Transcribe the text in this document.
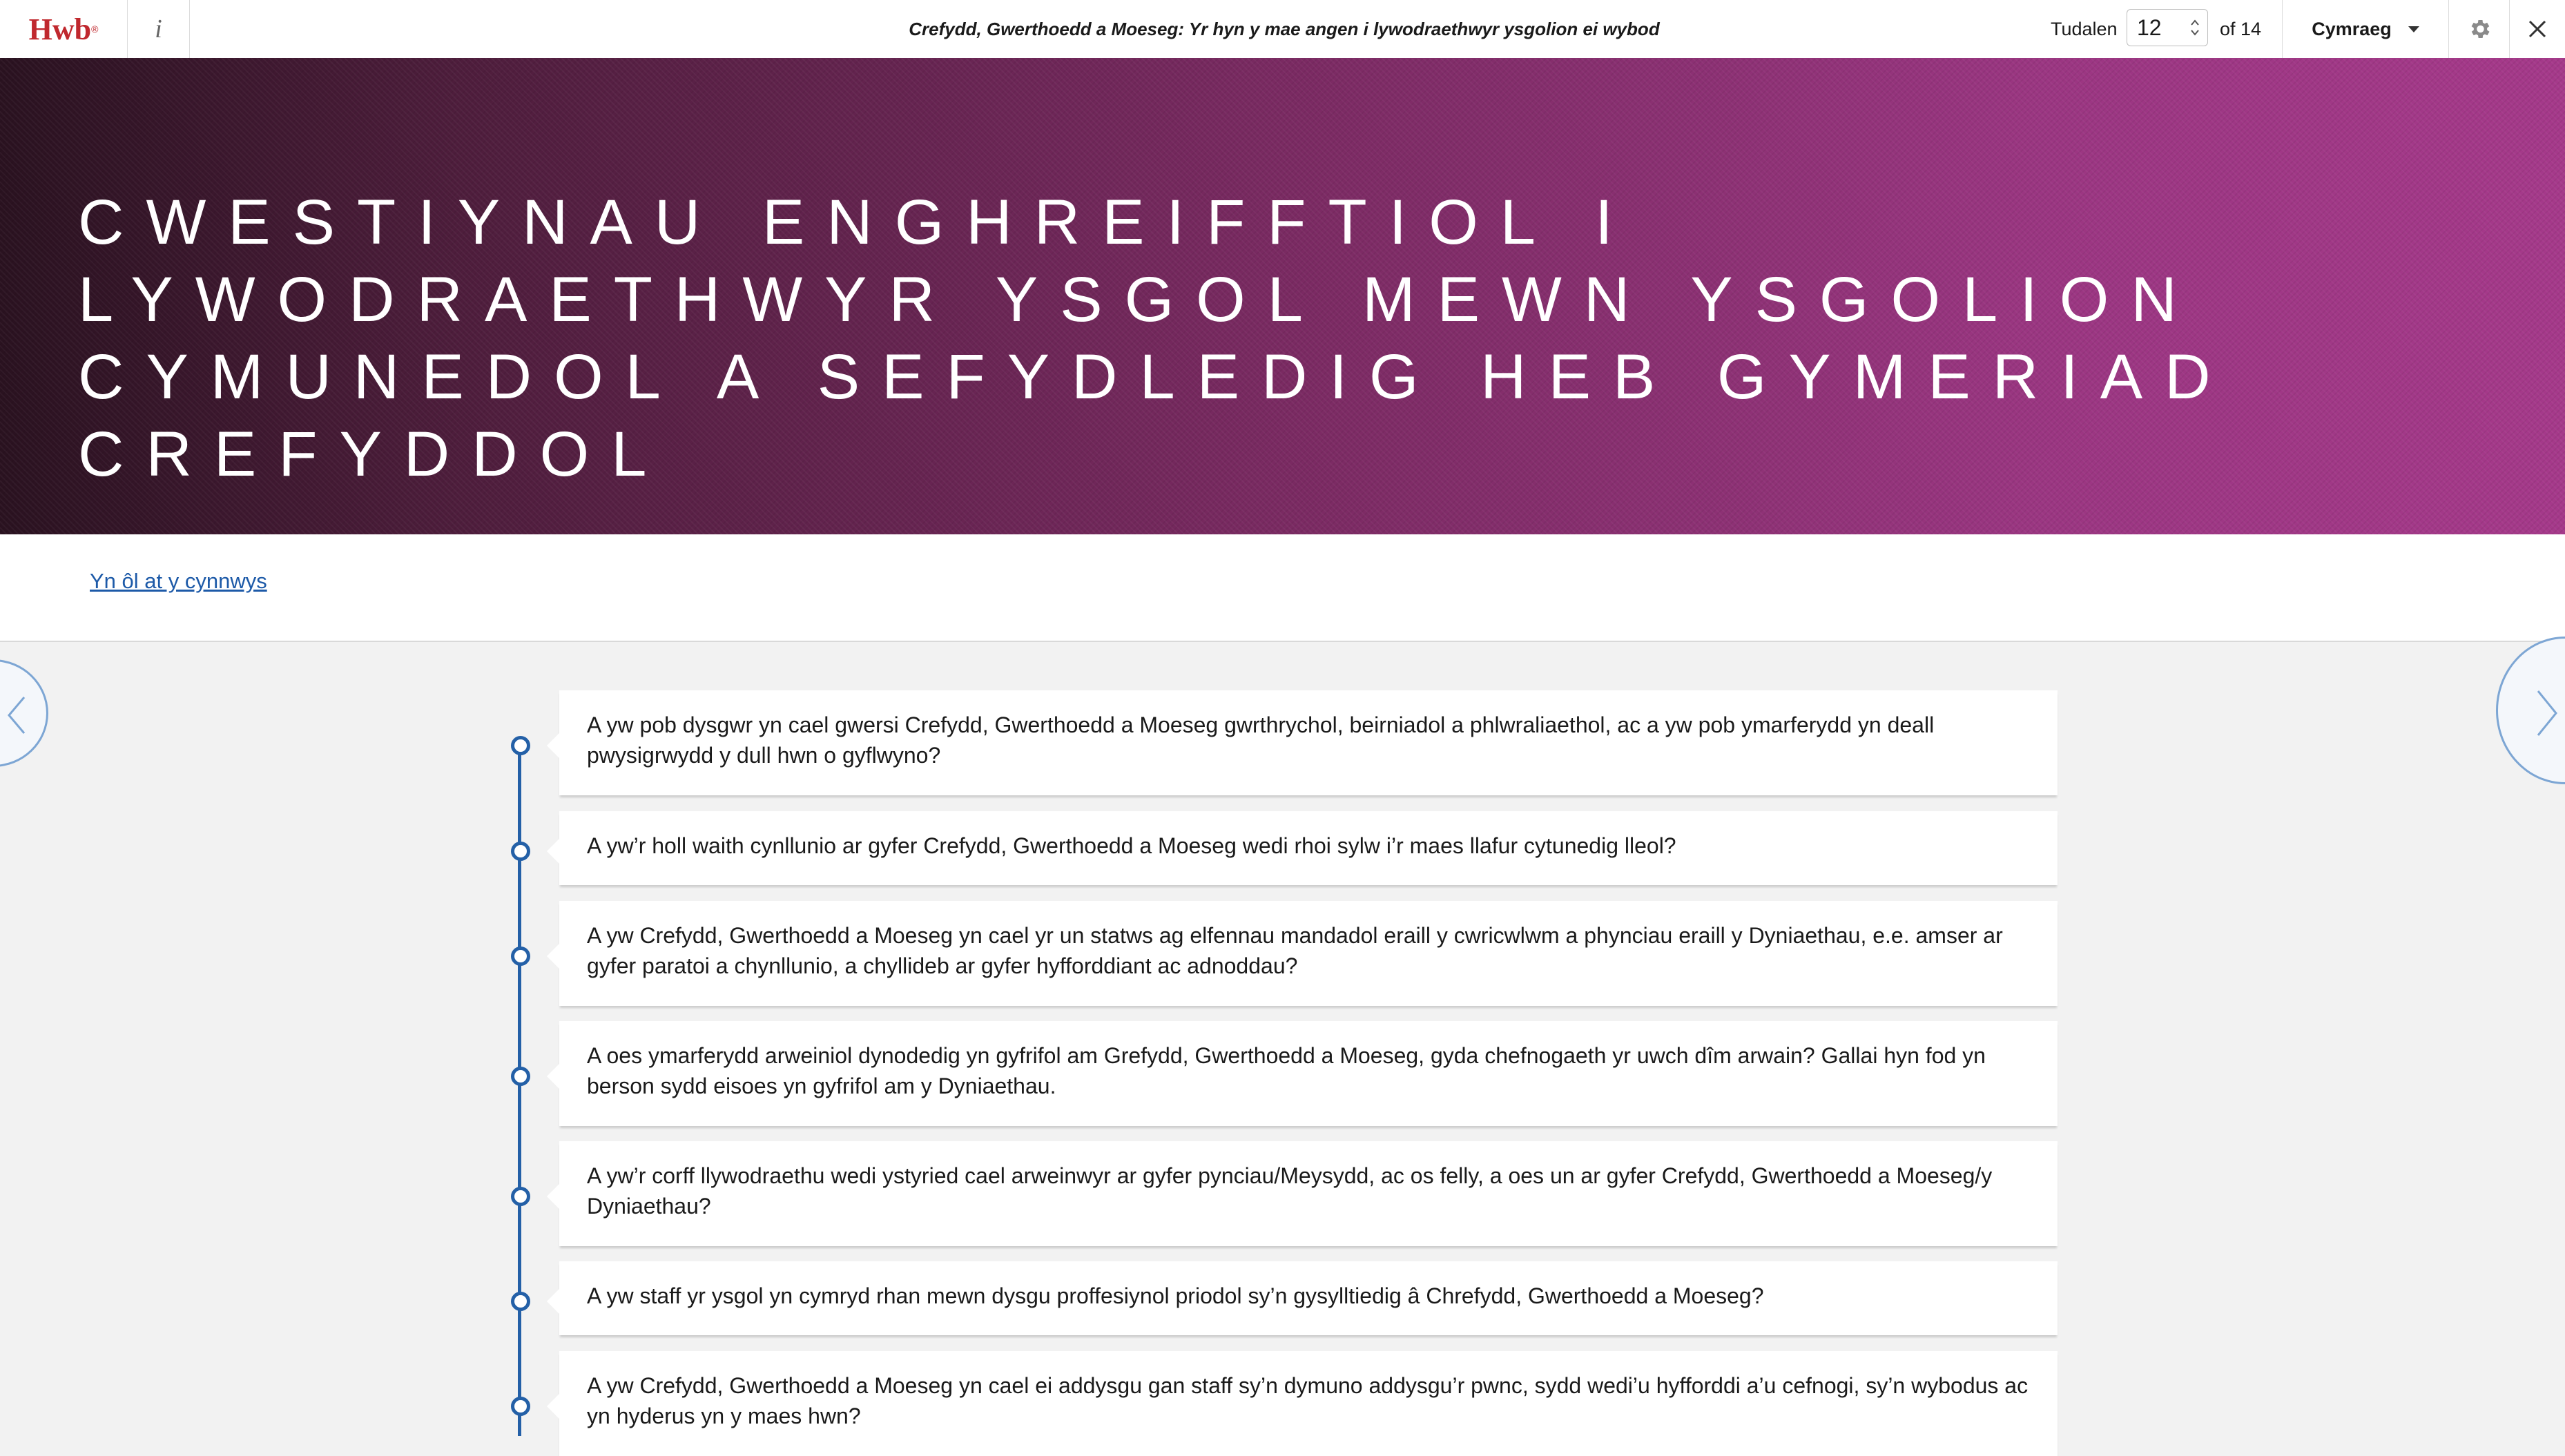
Hwb ® i	Crefydd, Gwerthoedd a Moeseg: Yr hyn y mae angen i lywodraethwyr ysgolion ei wybod	Tudalen 12	of 14	Cymraeg
CWESTIYNAU ENGHREIFFTIOL I LYWODRAETHWYR YSGOL MEWN YSGOLION CYMUNEDOL A SEFYDLEDIG HEB GYMERIAD CREFYDDOL
Yn ôl at y cynnwys
A yw pob dysgwr yn cael gwersi Crefydd, Gwerthoedd a Moeseg gwrthrychol, beirniadol a phlwraliaethol, ac a yw pob ymarferydd yn deall pwysigrwydd y dull hwn o gyflwyno?
A yw’r holl waith cynllunio ar gyfer Crefydd, Gwerthoedd a Moeseg wedi rhoi sylw i’r maes llafur cytunedig lleol?
A yw Crefydd, Gwerthoedd a Moeseg yn cael yr un statws ag elfennau mandadol eraill y cwricwlwm a phynciau eraill y Dyniaethau, e.e. amser ar gyfer paratoi a chynllunio, a chyllideb ar gyfer hyfforddiant ac adnoddau?
A oes ymarferydd arweiniol dynodedig yn gyfrifol am Grefydd, Gwerthoedd a Moeseg, gyda chefnogaeth yr uwch dîm arwain? Gallai hyn fod yn berson sydd eisoes yn gyfrifol am y Dyniaethau.
A yw’r corff llywodraethu wedi ystyried cael arweinwyr ar gyfer pynciau/Meysydd, ac os felly, a oes un ar gyfer Crefydd, Gwerthoedd a Moeseg/y Dyniaethau?
A yw staff yr ysgol yn cymryd rhan mewn dysgu proffesiynol priodol sy’n gysylltiedig â Chrefydd, Gwerthoedd a Moeseg?
A yw Crefydd, Gwerthoedd a Moeseg yn cael ei addysgu gan staff sy’n dymuno addysgu’r pwnc, sydd wedi’u hyfforddi a’u cefnogi, sy’n wybodus ac yn hyderus yn y maes hwn?
